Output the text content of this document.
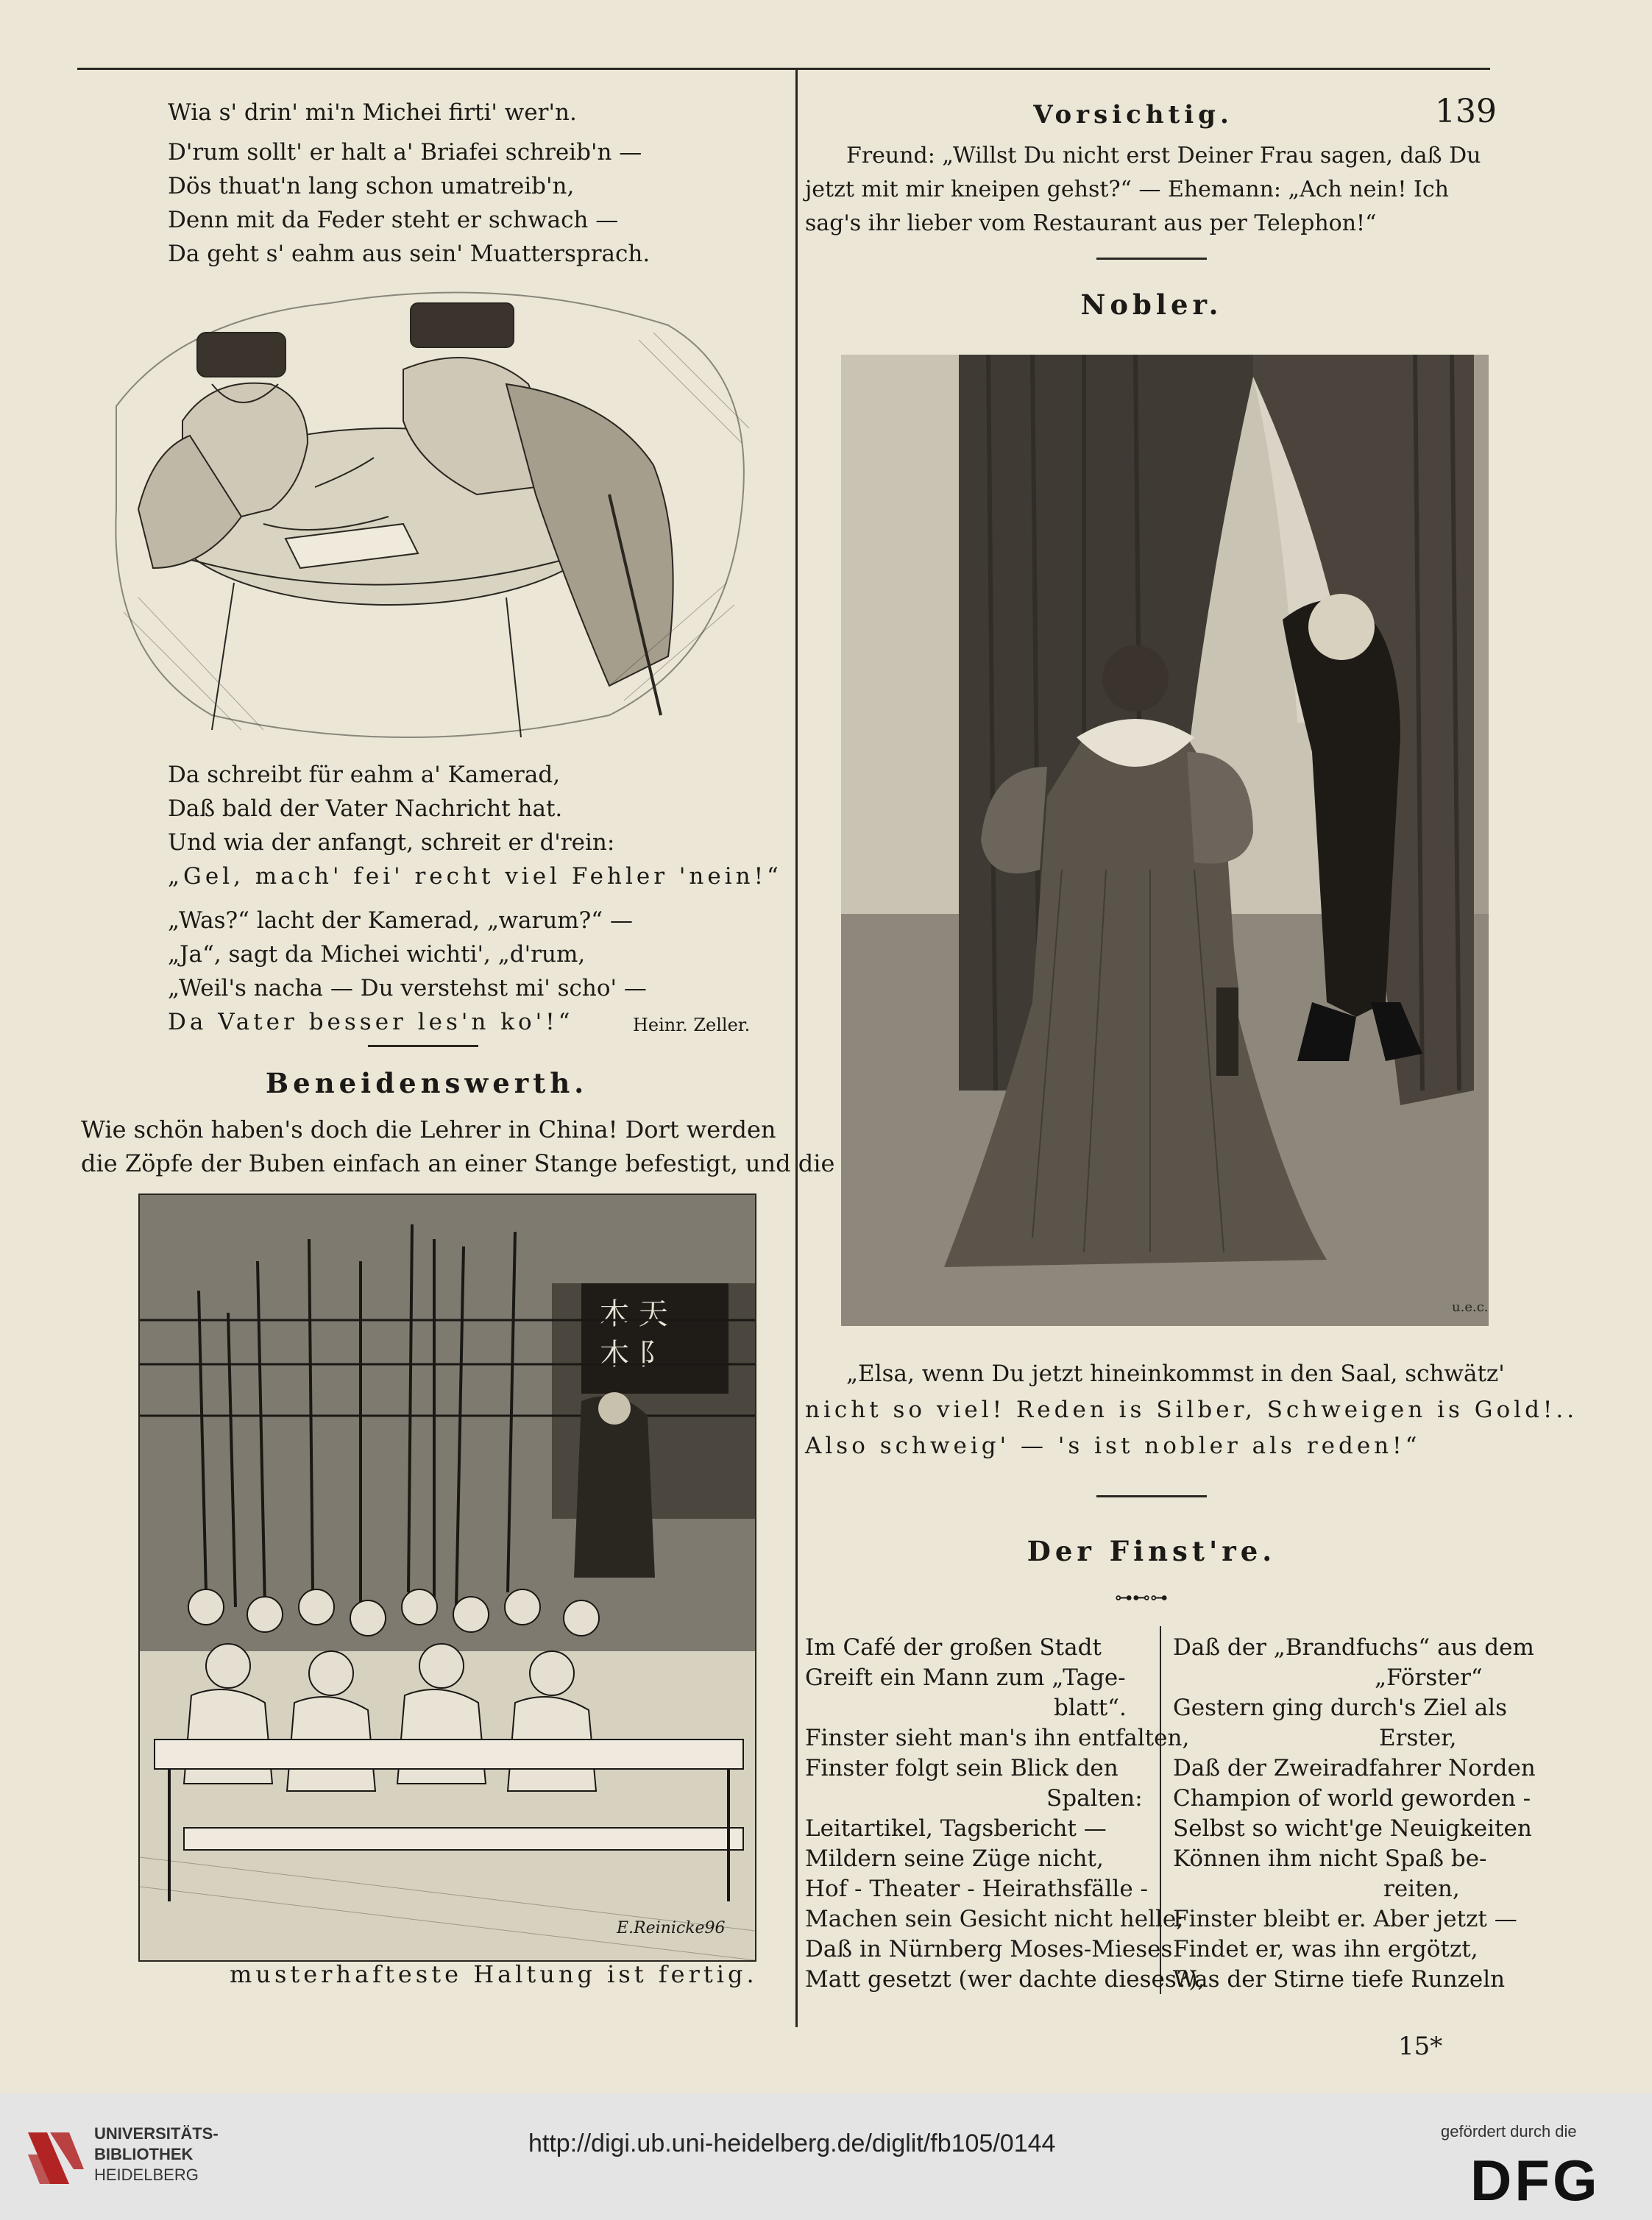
Wia s' drin' mi'n Michei firti' wer'n.
D'rum sollt' er halt a' Briafei schreib'n —
Dös thuat'n lang schon umatreib'n,
Denn mit da Feder steht er schwach —
Da geht s' eahm aus sein' Muattersprach.
Da schreibt für eahm a' Kamerad,
Daß bald der Vater Nachricht hat.
Und wia der anfangt, schreit er d'rein:
„Gel, mach' fei' recht viel Fehler 'nein!“
„Was?“ lacht der Kamerad, „warum?“ —
„Ja“, sagt da Michei wichti', „d'rum,
„Weil's nacha — Du verstehst mi' scho' —
Da Vater besser les'n ko'!“	Heinr. Zeller.
Beneidenswerth.
Wie schön haben's doch die Lehrer in China! Dort werden
die Zöpfe der Buben einfach an einer Stange befestigt, und die
木 天
木 阝
E.Reinicke96
musterhafteste Haltung ist fertig.
Vorsichtig.	139
Freund: „Willst Du nicht erst Deiner Frau sagen, daß Du
jetzt mit mir kneipen gehst?“ — Ehemann: „Ach nein! Ich
sag's ihr lieber vom Restaurant aus per Telephon!“
Nobler.
u.e.c.
„Elsa, wenn Du jetzt hineinkommst in den Saal, schwätz'
nicht so viel! Reden is Silber, Schweigen is Gold!..
Also schweig' — 's ist nobler als reden!“
Der Finst're.
⊶⊷⊶
Im Café der großen Stadt
Greift ein Mann zum „Tage-
blatt“.
Finster sieht man's ihn entfalten,
Finster folgt sein Blick den
Spalten:
Leitartikel, Tagsbericht —
Mildern seine Züge nicht,
Hof - Theater - Heirathsfälle -
Machen sein Gesicht nicht helle;
Daß in Nürnberg Moses-Mieses
Matt gesetzt (wer dachte dieses?),
Daß der „Brandfuchs“ aus dem
„Förster“
Gestern ging durch's Ziel als
Erster,
Daß der Zweiradfahrer Norden
Champion of world geworden -
Selbst so wicht'ge Neuigkeiten
Können ihm nicht Spaß be-
reiten,
Finster bleibt er. Aber jetzt —
Findet er, was ihn ergötzt,
Was der Stirne tiefe Runzeln
15*
UNIVERSITÄTS-
BIBLIOTHEK
HEIDELBERG
http://digi.ub.uni-heidelberg.de/diglit/fb105/0144	gefördert durch die
DFG
